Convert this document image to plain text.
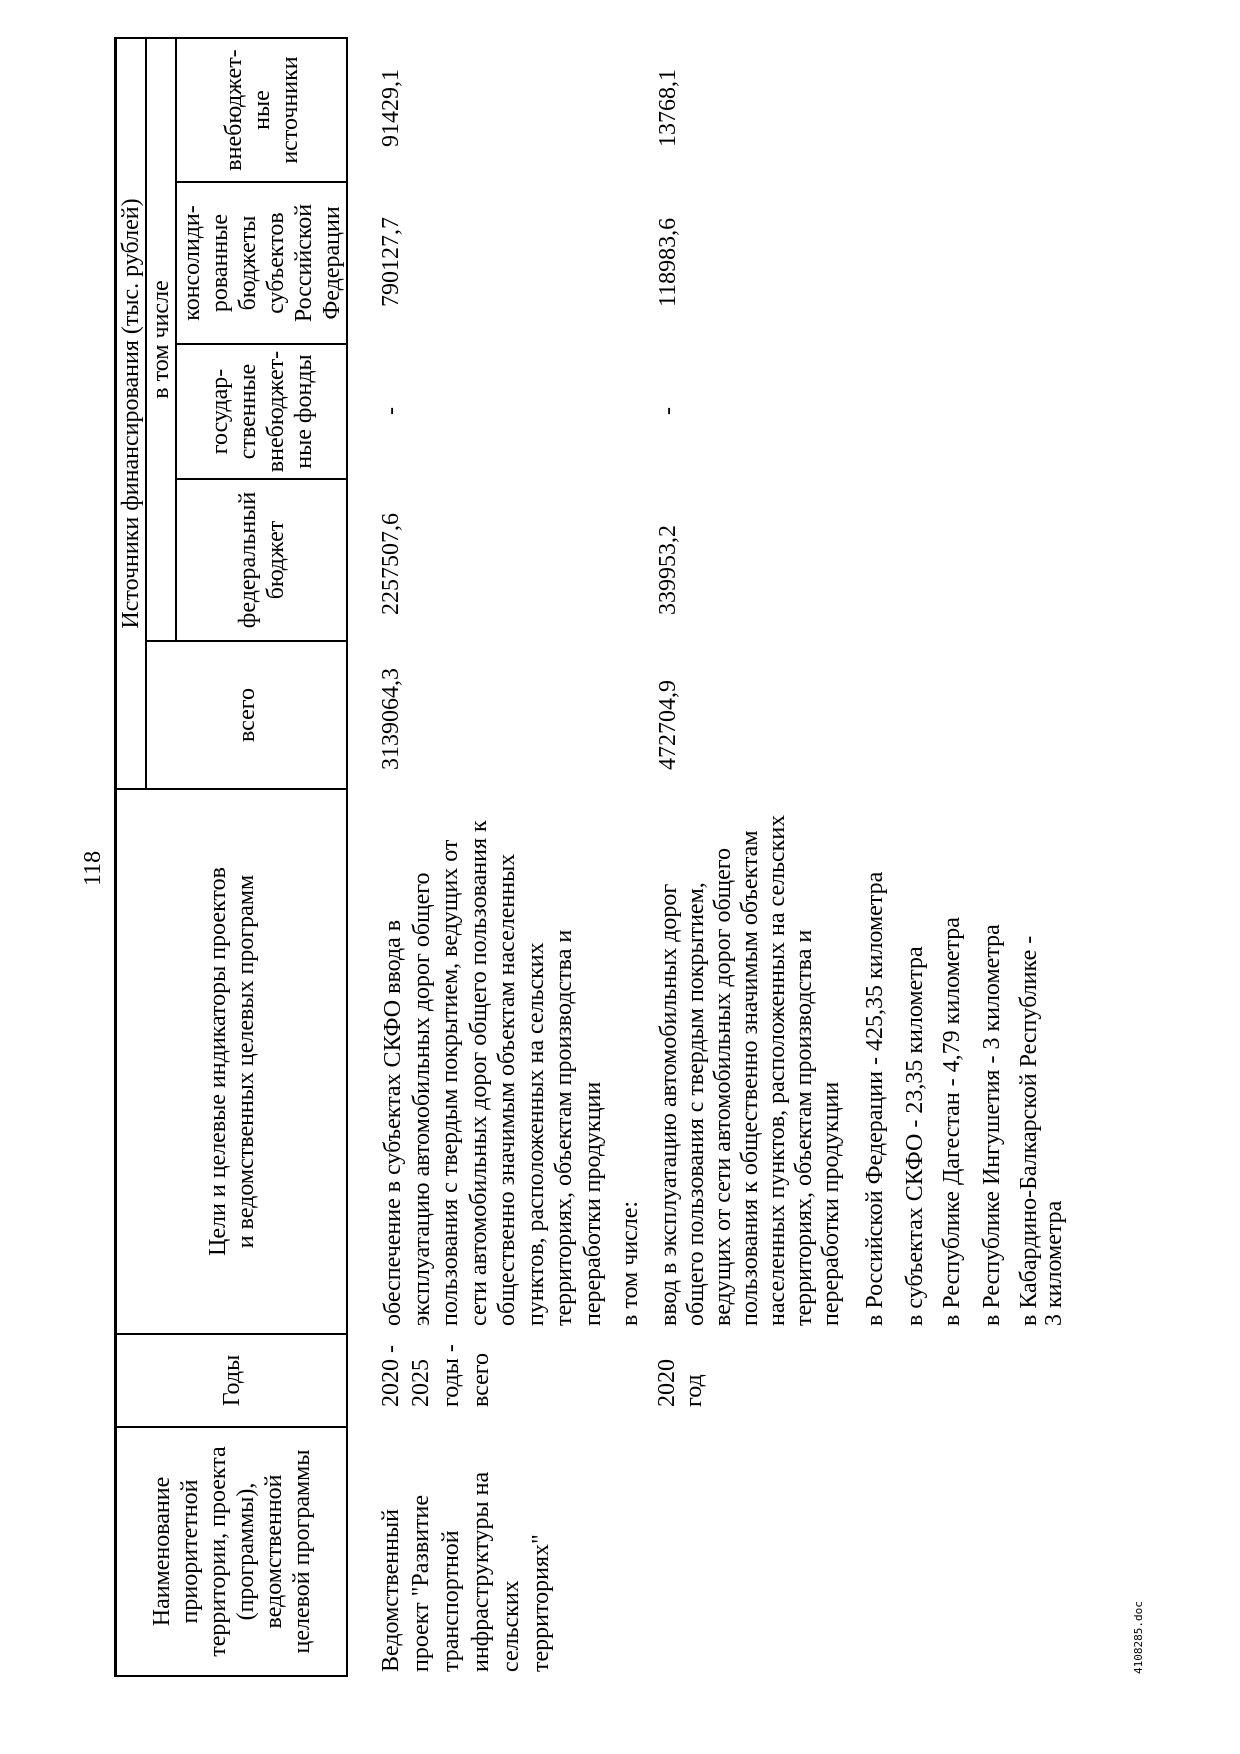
118
Наименование приоритетной территории, проекта (программы), ведомственной целевой программы
Годы
Цели и целевые индикаторы проектов и ведомственных целевых программ
Источники финансирования (тыс. рублей)
всего
в том числе
федеральный бюджет
государ- ственные внебюджет- ные фонды
консолиди- рованные бюджеты субъектов Российской Федерации
внебюджет- ные источники
Ведомственный проект "Развитие транспортной инфраструктуры на сельских территориях"
2020 - 2025 годы - всего
обеспечение в субъектах СКФО ввода в эксплуатацию автомобильных дорог общего пользования с твердым покрытием, ведущих от сети автомобильных дорог общего пользования к общественно значимым объектам населенных пунктов, расположенных на сельских территориях, объектам производства и переработки продукции
3139064,3
2257507,6
-
790127,7
91429,1
в том числе:
2020 год
ввод в эксплуатацию автомобильных дорог общего пользования с твердым покрытием, ведущих от сети автомобильных дорог общего пользования к общественно значимым объектам населенных пунктов, расположенных на сельских территориях, объектам производства и переработки продукции в Российской Федерации - 425,35 километра в субъектах СКФО - 23,35 километра в Республике Дагестан - 4,79 километра в Республике Ингушетия - 3 километра в Кабардино-Балкарской Республике - 3 километра
472704,9
339953,2
-
118983,6
13768,1
4108285.doc
